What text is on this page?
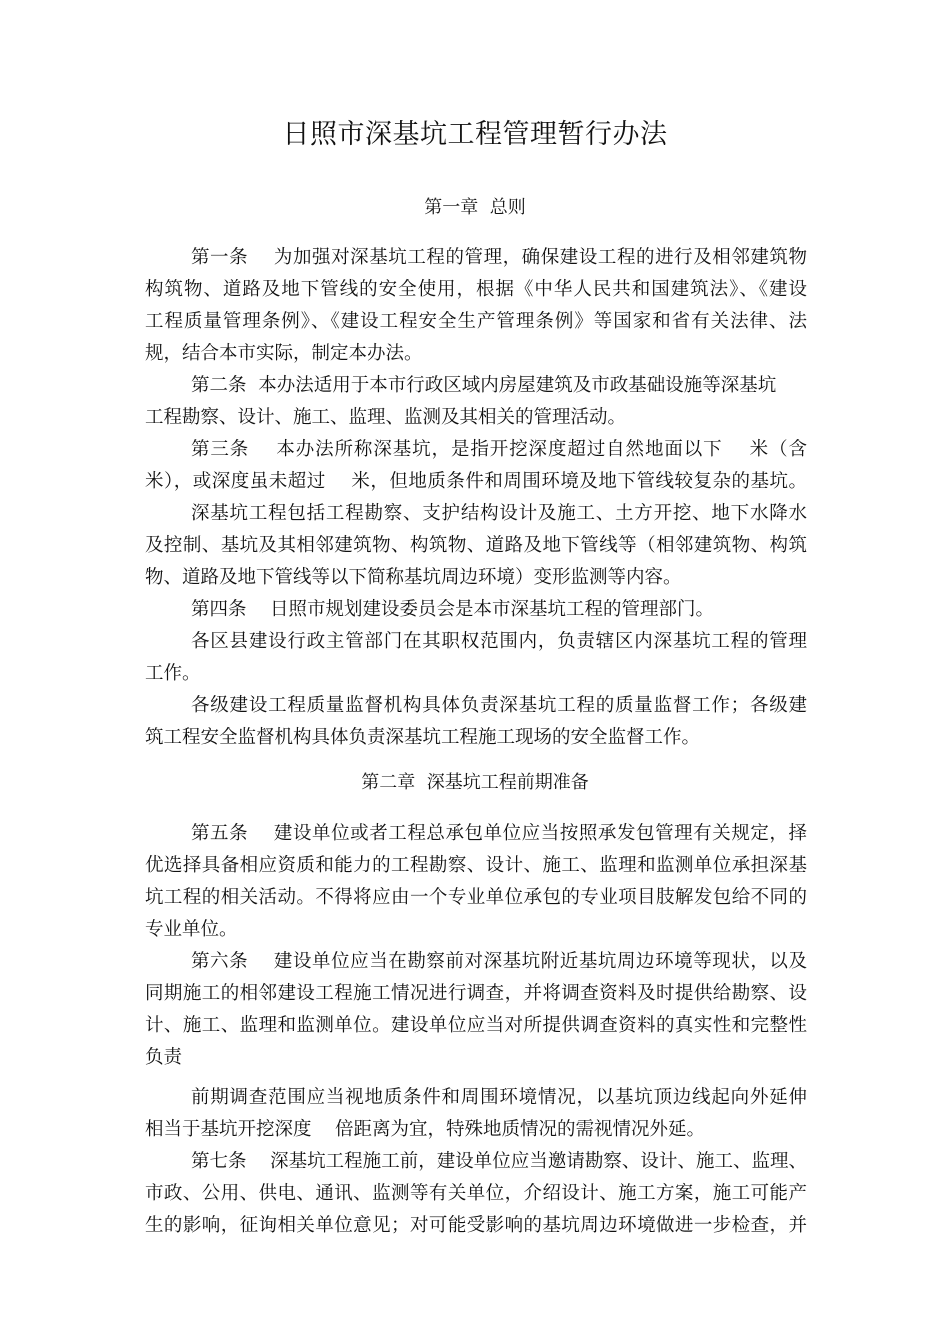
日照市深基坑工程管理暂行办法
第一章  总则
第一条    为加强对深基坑工程的管理，确保建设工程的进行及相邻建筑物
构筑物、道路及地下管线的安全使用，根据《中华人民共和国建筑法》、《建设
工程质量管理条例》、《建设工程安全生产管理条例》等国家和省有关法律、法
规，结合本市实际，制定本办法。
第二条  本办法适用于本市行政区域内房屋建筑及市政基础设施等深基坑
工程勘察、设计、施工、监理、监测及其相关的管理活动。
第三条    本办法所称深基坑，是指开挖深度超过自然地面以下    米（含
米），或深度虽未超过    米，但地质条件和周围环境及地下管线较复杂的基坑。
深基坑工程包括工程勘察、支护结构设计及施工、土方开挖、地下水降水
及控制、基坑及其相邻建筑物、构筑物、道路及地下管线等（相邻建筑物、构筑
物、道路及地下管线等以下简称基坑周边环境）变形监测等内容。
第四条    日照市规划建设委员会是本市深基坑工程的管理部门。
各区县建设行政主管部门在其职权范围内，负责辖区内深基坑工程的管理
工作。
各级建设工程质量监督机构具体负责深基坑工程的质量监督工作；各级建
筑工程安全监督机构具体负责深基坑工程施工现场的安全监督工作。
第二章  深基坑工程前期准备
第五条    建设单位或者工程总承包单位应当按照承发包管理有关规定，择
优选择具备相应资质和能力的工程勘察、设计、施工、监理和监测单位承担深基
坑工程的相关活动。不得将应由一个专业单位承包的专业项目肢解发包给不同的
专业单位。
第六条    建设单位应当在勘察前对深基坑附近基坑周边环境等现状，以及
同期施工的相邻建设工程施工情况进行调查，并将调查资料及时提供给勘察、设
计、施工、监理和监测单位。建设单位应当对所提供调查资料的真实性和完整性
负责
前期调查范围应当视地质条件和周围环境情况，以基坑顶边线起向外延伸
相当于基坑开挖深度    倍距离为宜，特殊地质情况的需视情况外延。
第七条    深基坑工程施工前，建设单位应当邀请勘察、设计、施工、监理、
市政、公用、供电、通讯、监测等有关单位，介绍设计、施工方案，施工可能产
生的影响，征询相关单位意见；对可能受影响的基坑周边环境做进一步检查，并
